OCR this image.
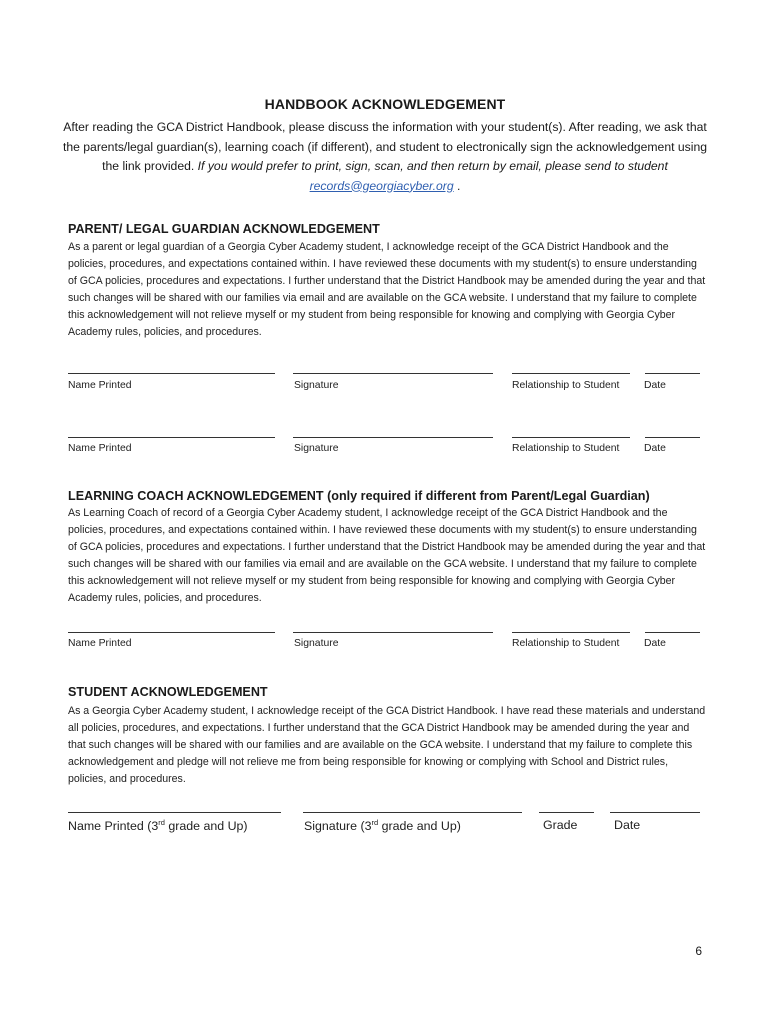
HANDBOOK ACKNOWLEDGEMENT
After reading the GCA District Handbook, please discuss the information with your student(s). After reading, we ask that the parents/legal guardian(s), learning coach (if different), and student to electronically sign the acknowledgement using the link provided. If you would prefer to print, sign, scan, and then return by email, please send to student records@georgiacyber.org .
PARENT/ LEGAL GUARDIAN ACKNOWLEDGEMENT
As a parent or legal guardian of a Georgia Cyber Academy student, I acknowledge receipt of the GCA District Handbook and the policies, procedures, and expectations contained within. I have reviewed these documents with my student(s) to ensure understanding of GCA policies, procedures and expectations. I further understand that the District Handbook may be amended during the year and that such changes will be shared with our families via email and are available on the GCA website. I understand that my failure to complete this acknowledgement will not relieve myself or my student from being responsible for knowing and complying with Georgia Cyber Academy rules, policies, and procedures.
Name Printed	Signature	Relationship to Student Date
Name Printed	Signature	Relationship to Student Date
LEARNING COACH ACKNOWLEDGEMENT (only required if different from Parent/Legal Guardian)
As Learning Coach of record of a Georgia Cyber Academy student, I acknowledge receipt of the GCA District Handbook and the policies, procedures, and expectations contained within. I have reviewed these documents with my student(s) to ensure understanding of GCA policies, procedures and expectations. I further understand that the District Handbook may be amended during the year and that such changes will be shared with our families via email and are available on the GCA website. I understand that my failure to complete this acknowledgement will not relieve myself or my student from being responsible for knowing and complying with Georgia Cyber Academy rules, policies, and procedures.
Name Printed	Signature	Relationship to Student Date
STUDENT ACKNOWLEDGEMENT
As a Georgia Cyber Academy student, I acknowledge receipt of the GCA District Handbook. I have read these materials and understand all policies, procedures, and expectations. I further understand that the GCA District Handbook may be amended during the year and that such changes will be shared with our families and are available on the GCA website. I understand that my failure to complete this acknowledgement and pledge will not relieve me from being responsible for knowing or complying with School and District rules, policies, and procedures.
Name Printed (3rd grade and Up)	Signature (3rd grade and Up)	Grade	Date
6
